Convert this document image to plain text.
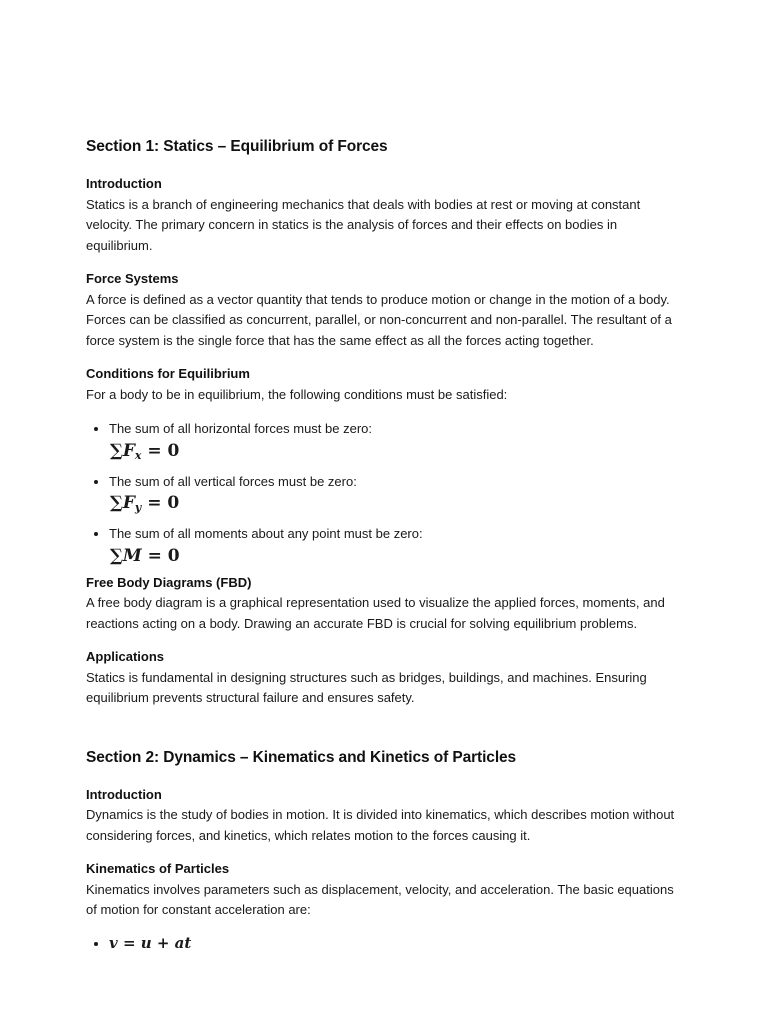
Section 1: Statics – Equilibrium of Forces
Introduction

Statics is a branch of engineering mechanics that deals with bodies at rest or moving at constant velocity. The primary concern in statics is the analysis of forces and their effects on bodies in equilibrium.

Force Systems

A force is defined as a vector quantity that tends to produce motion or change in the motion of a body. Forces can be classified as concurrent, parallel, or non-concurrent and non-parallel. The resultant of a force system is the single force that has the same effect as all the forces acting together.

Conditions for Equilibrium

For a body to be in equilibrium, the following conditions must be satisfied:

• The sum of all horizontal forces must be zero:
$\sum F_x = 0$
• The sum of all vertical forces must be zero:
$\sum F_y = 0$
• The sum of all moments about any point must be zero:
∑M = 0
Free Body Diagrams (FBD)

A free body diagram is a graphical representation used to visualize the applied forces, moments, and reactions acting on a body. Drawing an accurate FBD is crucial for solving equilibrium problems.

Applications

Statics is fundamental in designing structures such as bridges, buildings, and machines. Ensuring equilibrium prevents structural failure and ensures safety.

Section 2: Dynamics – Kinematics and Kinetics of Particles
Introduction

Dynamics is the study of bodies in motion. It is divided into kinematics, which describes motion without considering forces, and kinetics, which relates motion to the forces causing it.

Kinematics of Particles

Kinematics involves parameters such as displacement, velocity, and acceleration. The basic equations of motion for constant acceleration are:

• v = u + at
